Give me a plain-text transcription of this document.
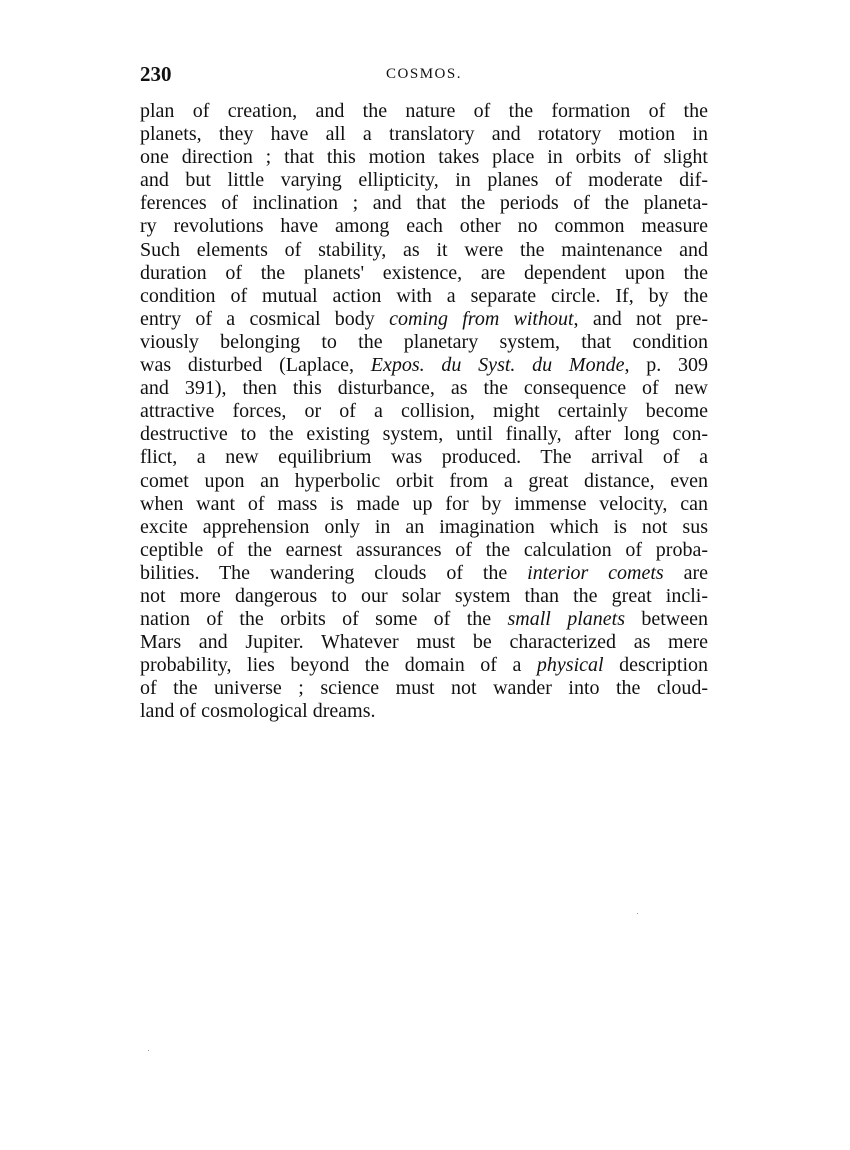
230	COSMOS.
plan of creation, and the nature of the formation of the
planets, they have all a translatory and rotatory motion in
one direction ; that this motion takes place in orbits of slight
and but little varying ellipticity, in planes of moderate dif-
ferences of inclination ; and that the periods of the planeta-
ry revolutions have among each other no common measure
Such elements of stability, as it were the maintenance and
duration of the planets' existence, are dependent upon the
condition of mutual action with a separate circle. If, by the
entry of a cosmical body coming from without, and not pre-
viously belonging to the planetary system, that condition
was disturbed (Laplace, Expos. du Syst. du Monde, p. 309
and 391), then this disturbance, as the consequence of new
attractive forces, or of a collision, might certainly become
destructive to the existing system, until finally, after long con-
flict, a new equilibrium was produced. The arrival of a
comet upon an hyperbolic orbit from a great distance, even
when want of mass is made up for by immense velocity, can
excite apprehension only in an imagination which is not sus
ceptible of the earnest assurances of the calculation of proba-
bilities. The wandering clouds of the interior comets are
not more dangerous to our solar system than the great incli-
nation of the orbits of some of the small planets between
Mars and Jupiter. Whatever must be characterized as mere
probability, lies beyond the domain of a physical description
of the universe ; science must not wander into the cloud-
land of cosmological dreams.
